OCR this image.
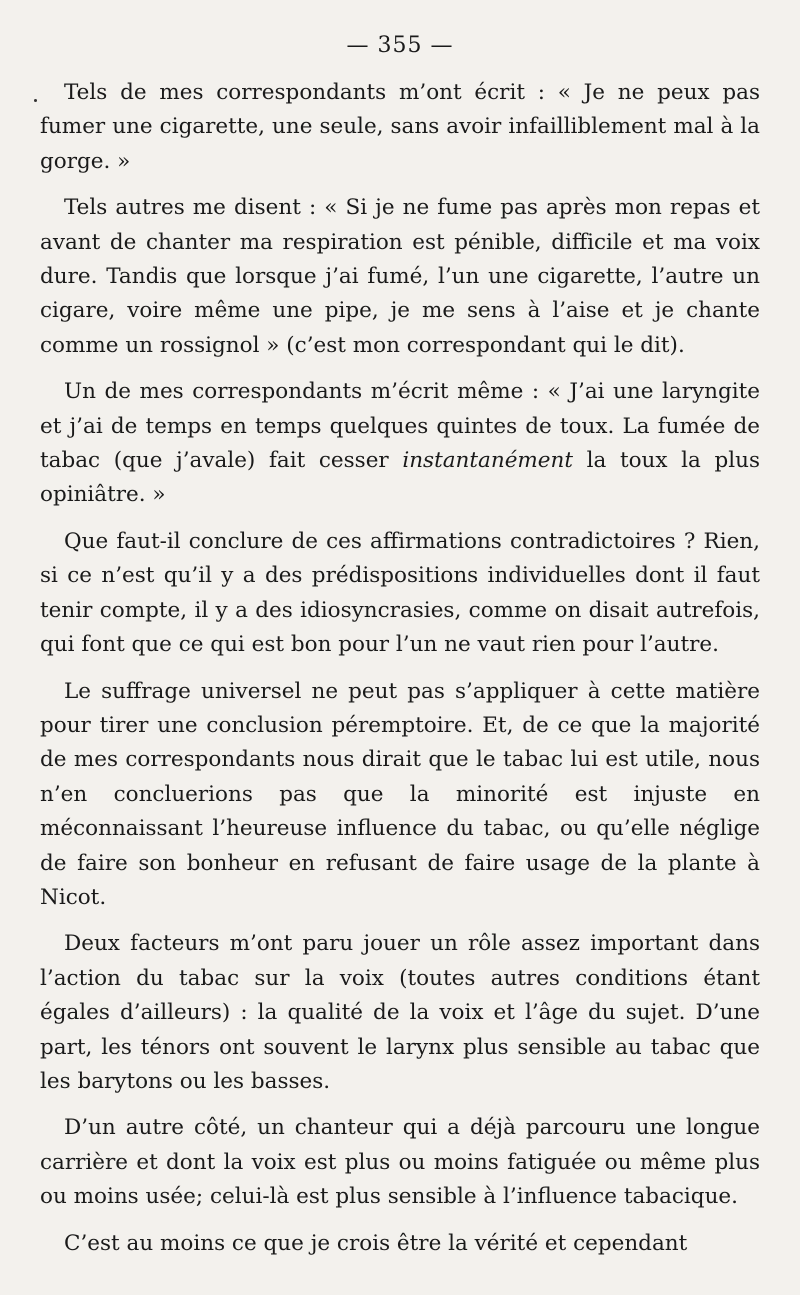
— 355 —

Tels de mes correspondants m’ont écrit : « Je ne peux pas fumer une cigarette, une seule, sans avoir infailliblement mal à la gorge. »

Tels autres me disent : « Si je ne fume pas après mon repas et avant de chanter ma respiration est pénible, difficile et ma voix dure. Tandis que lorsque j’ai fumé, l’un une cigarette, l’autre un cigare, voire même une pipe, je me sens à l’aise et je chante comme un rossignol » (c’est mon correspondant qui le dit).

Un de mes correspondants m’écrit même : « J’ai une laryngite et j’ai de temps en temps quelques quintes de toux. La fumée de tabac (que j’avale) fait cesser instantanément la toux la plus opiniâtre. »

Que faut-il conclure de ces affirmations contradictoires ? Rien, si ce n’est qu’il y a des prédispositions individuelles dont il faut tenir compte, il y a des idiosyncrasies, comme on disait autrefois, qui font que ce qui est bon pour l’un ne vaut rien pour l’autre.

Le suffrage universel ne peut pas s’appliquer à cette matière pour tirer une conclusion péremptoire. Et, de ce que la majorité de mes correspondants nous dirait que le tabac lui est utile, nous n’en concluerions pas que la minorité est injuste en méconnaissant l’heureuse influence du tabac, ou qu’elle néglige de faire son bonheur en refusant de faire usage de la plante à Nicot.

Deux facteurs m’ont paru jouer un rôle assez important dans l’action du tabac sur la voix (toutes autres conditions étant égales d’ailleurs) : la qualité de la voix et l’âge du sujet. D’une part, les ténors ont souvent le larynx plus sensible au tabac que les barytons ou les basses.

D’un autre côté, un chanteur qui a déjà parcouru une longue carrière et dont la voix est plus ou moins fatiguée ou même plus ou moins usée; celui-là est plus sensible à l’influence tabacique.

C’est au moins ce que je crois être la vérité et cependant
